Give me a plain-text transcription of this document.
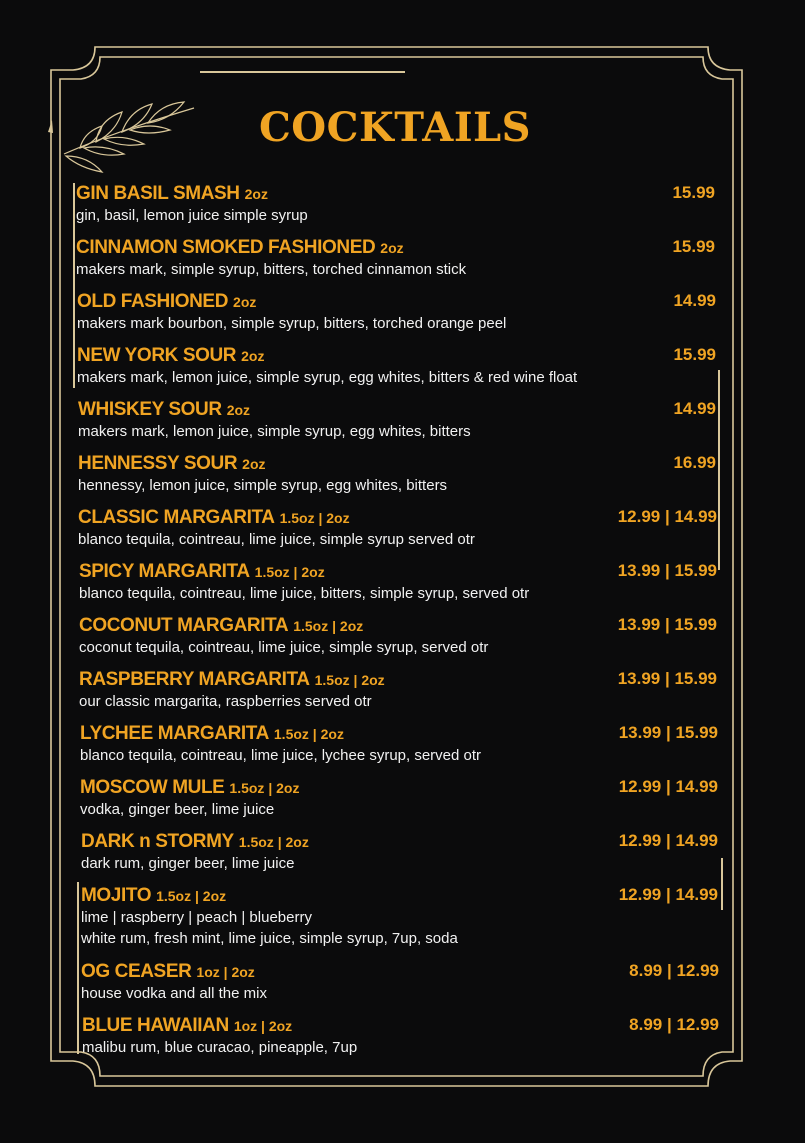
COCKTAILS
GIN BASIL SMASH 2oz	15.99
gin, basil, lemon juice simple syrup
CINNAMON SMOKED FASHIONED 2oz	15.99
makers mark, simple syrup, bitters, torched cinnamon stick
OLD FASHIONED 2oz	14.99
makers mark bourbon, simple syrup, bitters, torched orange peel
NEW YORK SOUR 2oz	15.99
makers mark, lemon juice, simple syrup, egg whites, bitters & red wine float
WHISKEY SOUR 2oz	14.99
makers mark, lemon juice, simple syrup, egg whites, bitters
HENNESSY SOUR 2oz	16.99
hennessy, lemon juice, simple syrup, egg whites, bitters
CLASSIC MARGARITA 1.5oz | 2oz	12.99 | 14.99
blanco tequila, cointreau, lime juice, simple syrup served otr
SPICY MARGARITA 1.5oz | 2oz	13.99 | 15.99
blanco tequila, cointreau, lime juice, bitters, simple syrup, served otr
COCONUT MARGARITA 1.5oz | 2oz	13.99 | 15.99
coconut tequila, cointreau, lime juice, simple syrup, served otr
RASPBERRY MARGARITA 1.5oz | 2oz	13.99 | 15.99
our classic margarita, raspberries served otr
LYCHEE MARGARITA 1.5oz | 2oz	13.99 | 15.99
blanco tequila, cointreau, lime juice, lychee syrup, served otr
MOSCOW MULE 1.5oz | 2oz	12.99 | 14.99
vodka, ginger beer, lime juice
DARK n STORMY 1.5oz | 2oz	12.99 | 14.99
dark rum, ginger beer, lime juice
MOJITO 1.5oz | 2oz	12.99 | 14.99
lime | raspberry | peach | blueberry
white rum, fresh mint, lime juice, simple syrup, 7up, soda
OG CEASER 1oz | 2oz	8.99 | 12.99
house vodka and all the mix
BLUE HAWAIIAN 1oz | 2oz	8.99 | 12.99
malibu rum, blue curacao, pineapple, 7up
